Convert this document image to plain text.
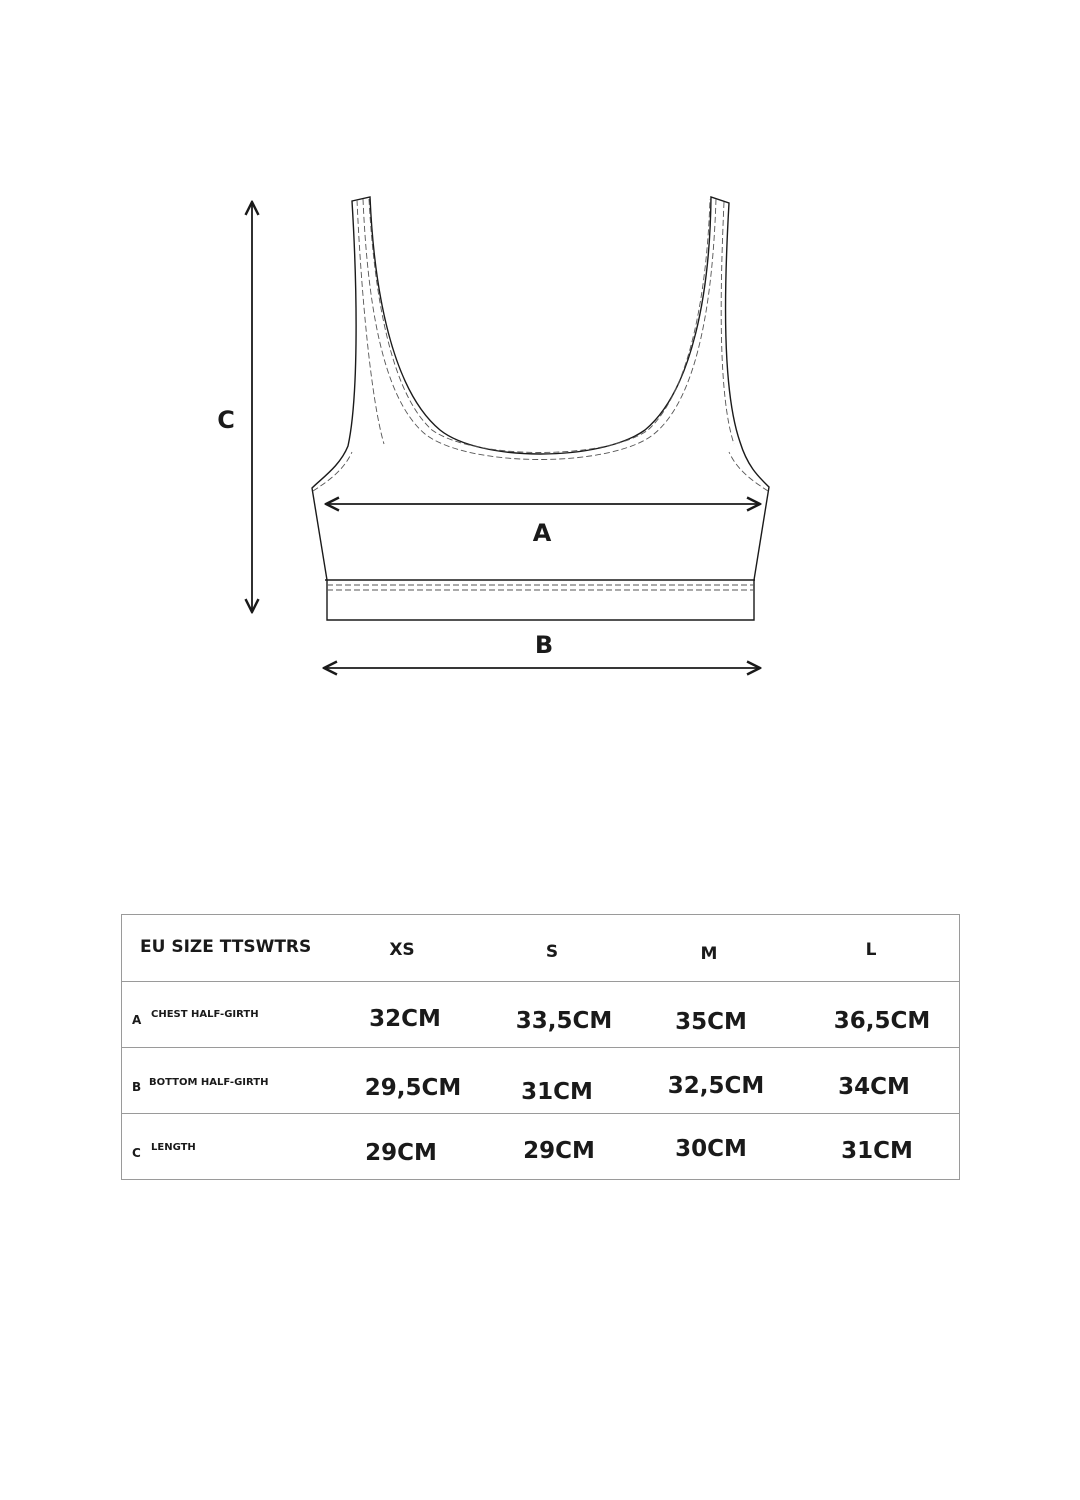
A
B
C
EU SIZE TTSWTRS	XS	S	M	L
A CHEST HALF-GIRTH	32CM	33,5CM	35CM	36,5CM
B BOTTOM HALF-GIRTH	29,5CM	31CM	32,5CM	34CM
C LENGTH	29CM	29CM	30CM	31CM
